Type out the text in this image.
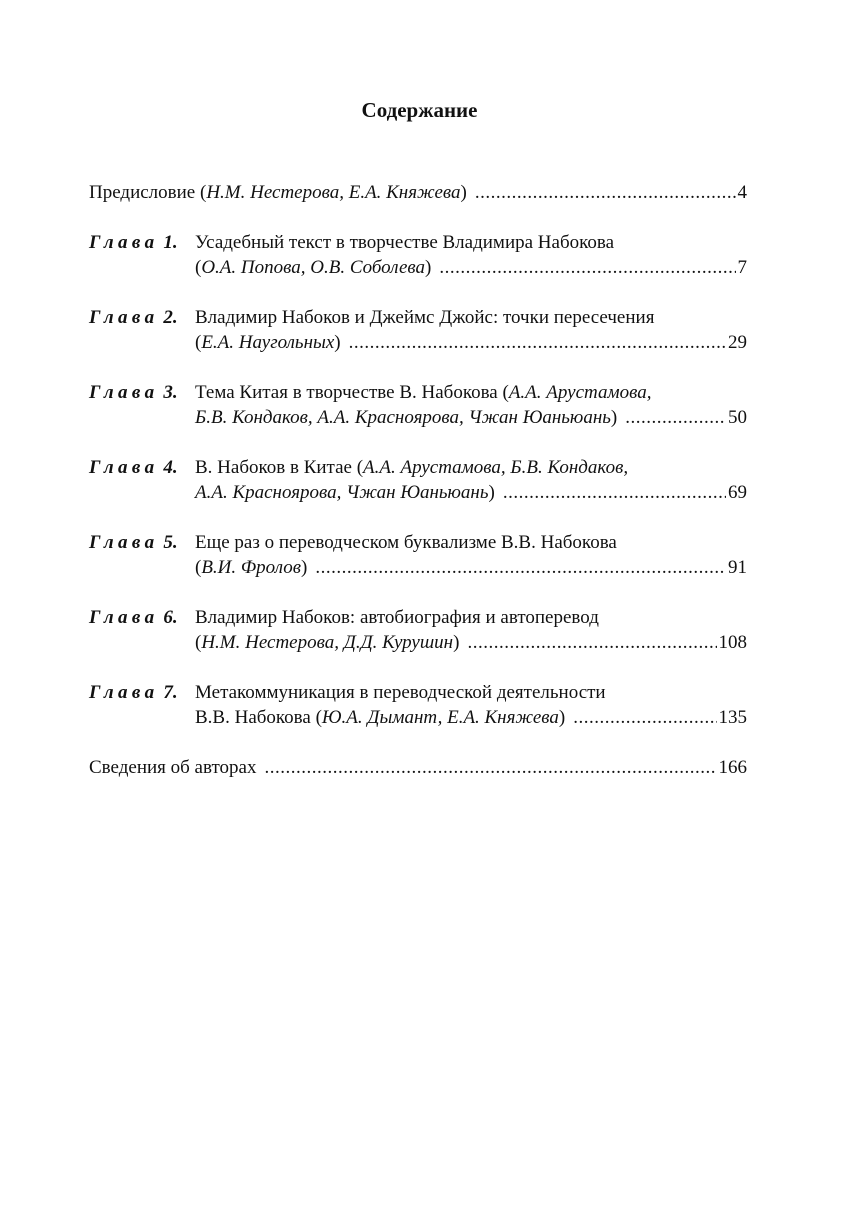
Содержание
Предисловие (Н.М. Нестерова, Е.А. Княжева) .....	4
Глава 1. Усадебный текст в творчестве Владимира Набокова
(О.А. Попова, О.В. Соболева) .....	7
Глава 2. Владимир Набоков и Джеймс Джойс: точки пересечения
(Е.А. Наугольных) .....	29
Глава 3. Тема Китая в творчестве В. Набокова (А.А. Арустамова,
Б.В. Кондаков, А.А. Красноярова, Чжан Юаньюань) .....	50
Глава 4. В. Набоков в Китае (А.А. Арустамова, Б.В. Кондаков,
А.А. Красноярова, Чжан Юаньюань) .....	69
Глава 5. Еще раз о переводческом буквализме В.В. Набокова
(В.И. Фролов) .....	91
Глава 6. Владимир Набоков: автобиография и автоперевод
(Н.М. Нестерова, Д.Д. Курушин) .....	108
Глава 7. Метакоммуникация в переводческой деятельности
В.В. Набокова (Ю.А. Дымант, Е.А. Княжева) .....	135
Сведения об авторах .....	166
